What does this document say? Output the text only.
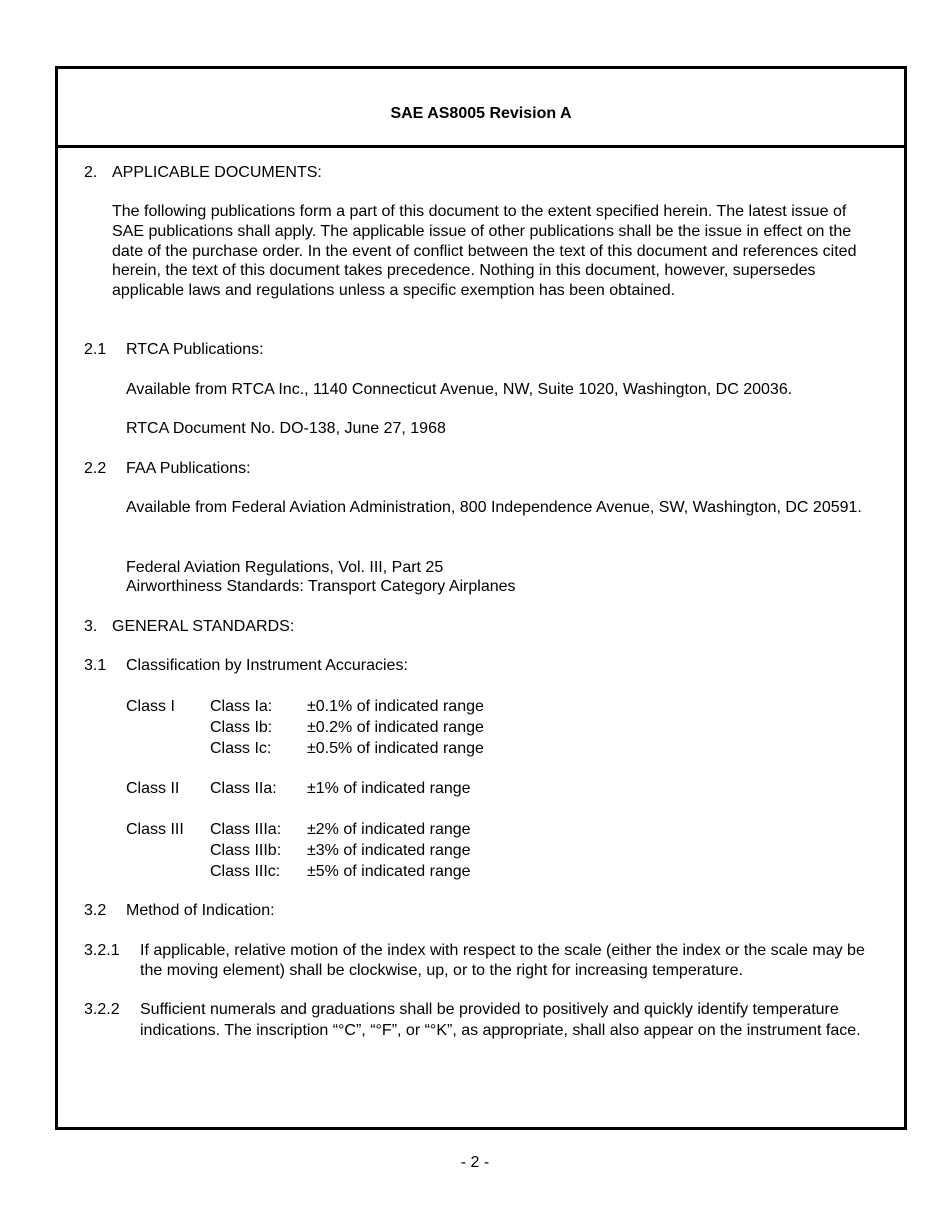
SAE AS8005 Revision A
2. APPLICABLE DOCUMENTS:
The following publications form a part of this document to the extent specified herein. The latest issue of SAE publications shall apply. The applicable issue of other publications shall be the issue in effect on the date of the purchase order. In the event of conflict between the text of this document and references cited herein, the text of this document takes precedence. Nothing in this document, however, supersedes applicable laws and regulations unless a specific exemption has been obtained.
2.1 RTCA Publications:
Available from RTCA Inc., 1140 Connecticut Avenue, NW, Suite 1020, Washington, DC 20036.
RTCA Document No. DO-138, June 27, 1968
2.2 FAA Publications:
Available from Federal Aviation Administration, 800 Independence Avenue, SW, Washington, DC 20591.
Federal Aviation Regulations, Vol. III, Part 25
Airworthiness Standards: Transport Category Airplanes
3. GENERAL STANDARDS:
3.1 Classification by Instrument Accuracies:
Class I Class Ia: ±0.1% of indicated range
Class Ib: ±0.2% of indicated range
Class Ic: ±0.5% of indicated range
Class II Class IIa: ±1% of indicated range
Class III Class IIIa: ±2% of indicated range
Class IIIb: ±3% of indicated range
Class IIIc: ±5% of indicated range
3.2 Method of Indication:
3.2.1 If applicable, relative motion of the index with respect to the scale (either the index or the scale may be the moving element) shall be clockwise, up, or to the right for increasing temperature.
3.2.2 Sufficient numerals and graduations shall be provided to positively and quickly identify temperature indications. The inscription “°C”, “°F”, or “°K”, as appropriate, shall also appear on the instrument face.
- 2 -
